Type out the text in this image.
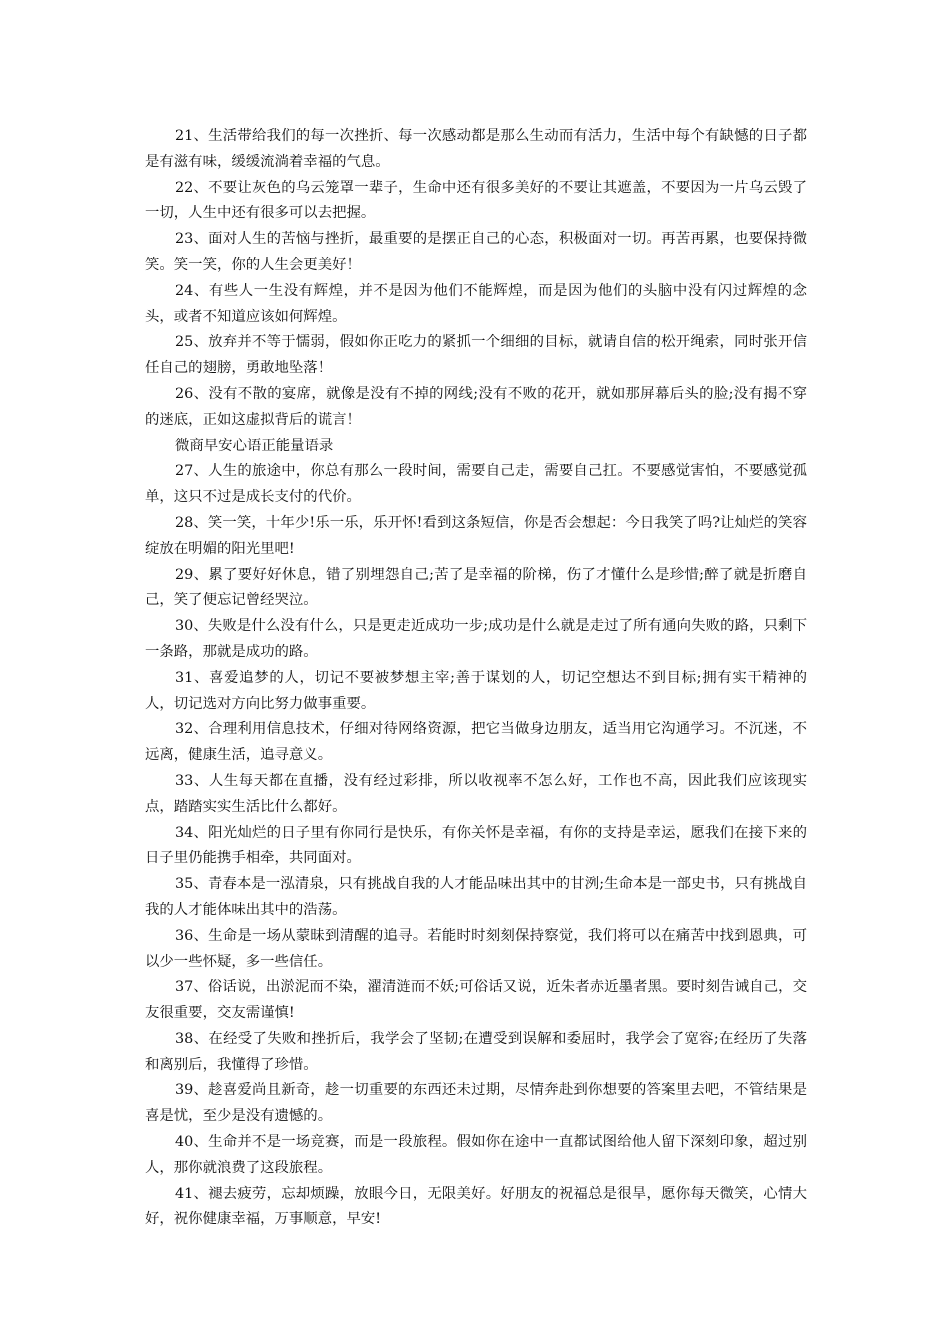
21、生活带给我们的每一次挫折、每一次感动都是那么生动而有活力，生活中每个有缺憾的日子都是有滋有味，缓缓流淌着幸福的气息。

22、不要让灰色的乌云笼罩一辈子，生命中还有很多美好的不要让其遮盖，不要因为一片乌云毁了一切，人生中还有很多可以去把握。

23、面对人生的苦恼与挫折，最重要的是摆正自己的心态，积极面对一切。再苦再累，也要保持微笑。笑一笑，你的人生会更美好！

24、有些人一生没有辉煌，并不是因为他们不能辉煌，而是因为他们的头脑中没有闪过辉煌的念头，或者不知道应该如何辉煌。

25、放弃并不等于懦弱，假如你正吃力的紧抓一个细细的目标，就请自信的松开绳索，同时张开信任自己的翅膀，勇敢地坠落！

26、没有不散的宴席，就像是没有不掉的网线;没有不败的花开，就如那屏幕后头的脸;没有揭不穿的迷底，正如这虚拟背后的谎言！

微商早安心语正能量语录

27、人生的旅途中，你总有那么一段时间，需要自己走，需要自己扛。不要感觉害怕，不要感觉孤单，这只不过是成长支付的代价。

28、笑一笑，十年少!乐一乐，乐开怀!看到这条短信，你是否会想起：今日我笑了吗?让灿烂的笑容绽放在明媚的阳光里吧!

29、累了要好好休息，错了别埋怨自己;苦了是幸福的阶梯，伤了才懂什么是珍惜;醉了就是折磨自己，笑了便忘记曾经哭泣。

30、失败是什么没有什么，只是更走近成功一步;成功是什么就是走过了所有通向失败的路，只剩下一条路，那就是成功的路。

31、喜爱追梦的人，切记不要被梦想主宰;善于谋划的人，切记空想达不到目标;拥有实干精神的人，切记选对方向比努力做事重要。

32、合理利用信息技术，仔细对待网络资源，把它当做身边朋友，适当用它沟通学习。不沉迷，不远离，健康生活，追寻意义。

33、人生每天都在直播，没有经过彩排，所以收视率不怎么好，工作也不高，因此我们应该现实点，踏踏实实生活比什么都好。

34、阳光灿烂的日子里有你同行是快乐，有你关怀是幸福，有你的支持是幸运，愿我们在接下来的日子里仍能携手相牵，共同面对。

35、青春本是一泓清泉，只有挑战自我的人才能品味出其中的甘洌;生命本是一部史书，只有挑战自我的人才能体味出其中的浩荡。

36、生命是一场从蒙昧到清醒的追寻。若能时时刻刻保持察觉，我们将可以在痛苦中找到恩典，可以少一些怀疑，多一些信任。

37、俗话说，出淤泥而不染，濯清涟而不妖;可俗话又说，近朱者赤近墨者黑。要时刻告诫自己，交友很重要，交友需谨慎!

38、在经受了失败和挫折后，我学会了坚韧;在遭受到误解和委屈时，我学会了宽容;在经历了失落和离别后，我懂得了珍惜。

39、趁喜爱尚且新奇，趁一切重要的东西还未过期，尽情奔赴到你想要的答案里去吧，不管结果是喜是忧，至少是没有遗憾的。

40、生命并不是一场竞赛，而是一段旅程。假如你在途中一直都试图给他人留下深刻印象，超过别人，那你就浪费了这段旅程。

41、褪去疲劳，忘却烦躁，放眼今日，无限美好。好朋友的祝福总是很旱，愿你每天微笑，心情大好，祝你健康幸福，万事顺意，早安!
